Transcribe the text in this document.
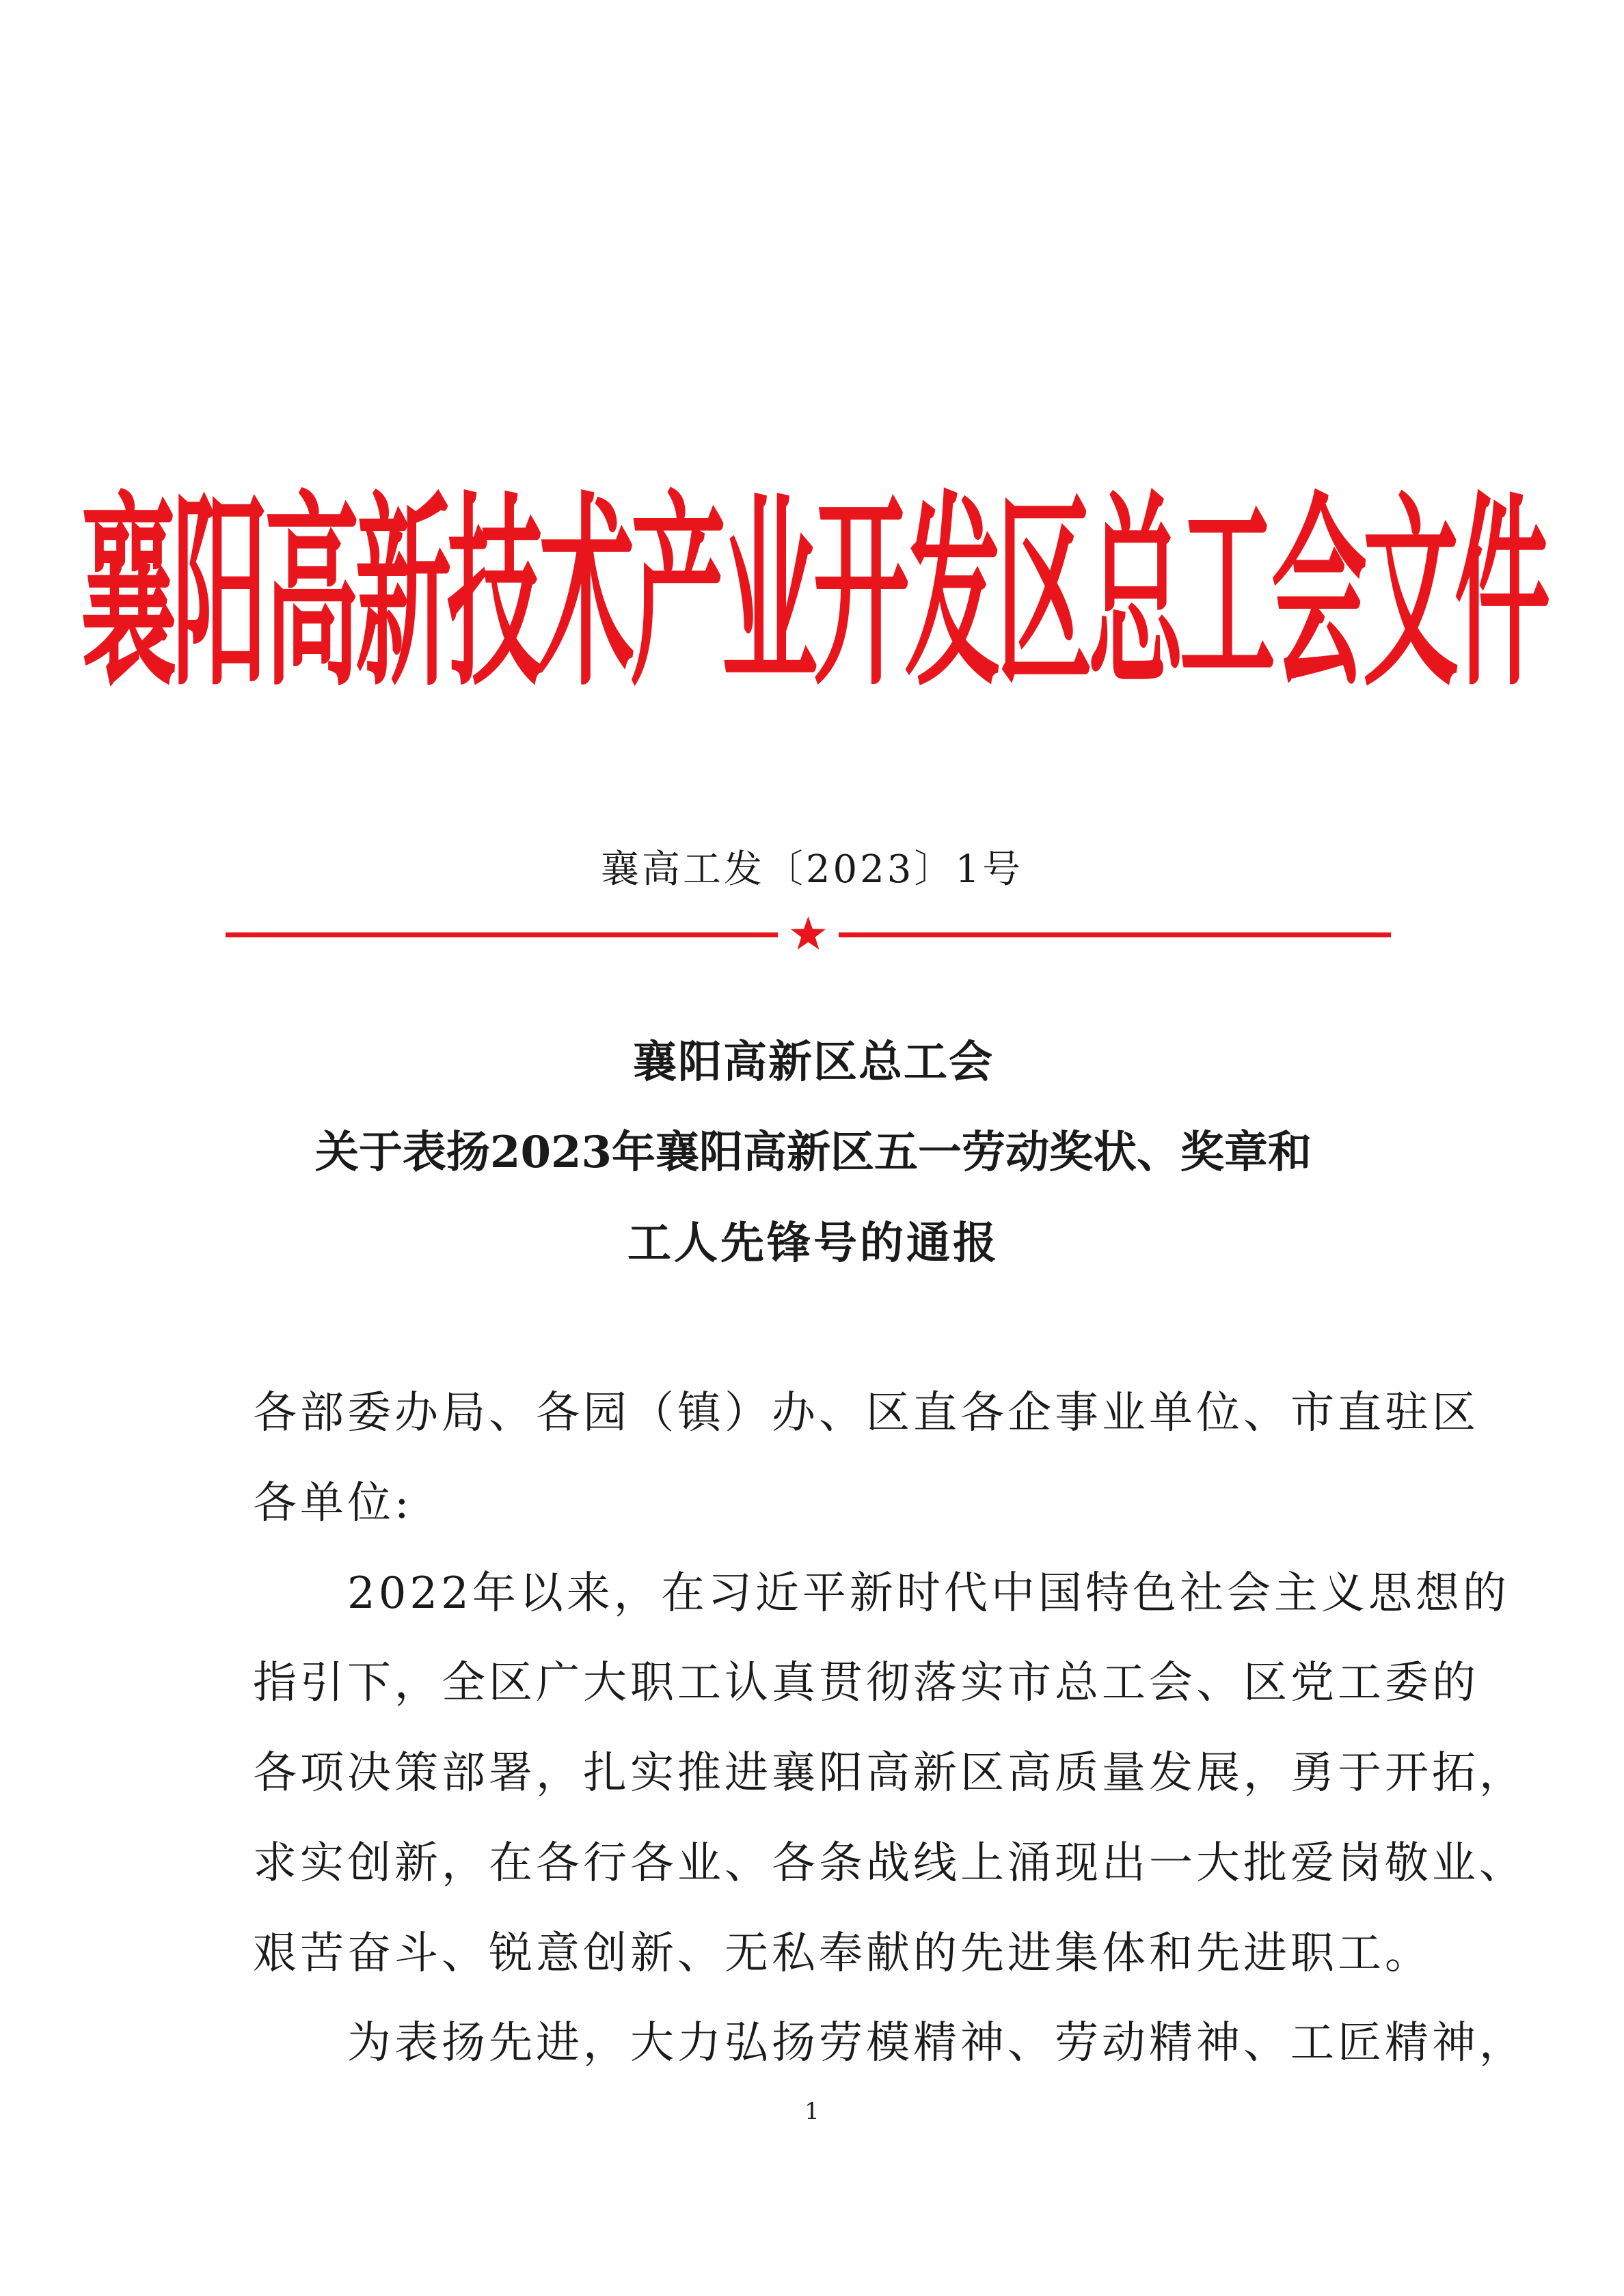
襄阳高新技术产业开发区总工会文件
襄高工发〔2023〕1号
襄阳高新区总工会
关于表扬2023年襄阳高新区五一劳动奖状、奖章和
工人先锋号的通报
各部委办局、各园（镇）办、区直各企事业单位、市直驻区
各单位:
　　2022年以来，在习近平新时代中国特色社会主义思想的
指引下，全区广大职工认真贯彻落实市总工会、区党工委的
各项决策部署，扎实推进襄阳高新区高质量发展，勇于开拓，
求实创新，在各行各业、各条战线上涌现出一大批爱岗敬业、
艰苦奋斗、锐意创新、无私奉献的先进集体和先进职工。
　　为表扬先进，大力弘扬劳模精神、劳动精神、工匠精神，
1
